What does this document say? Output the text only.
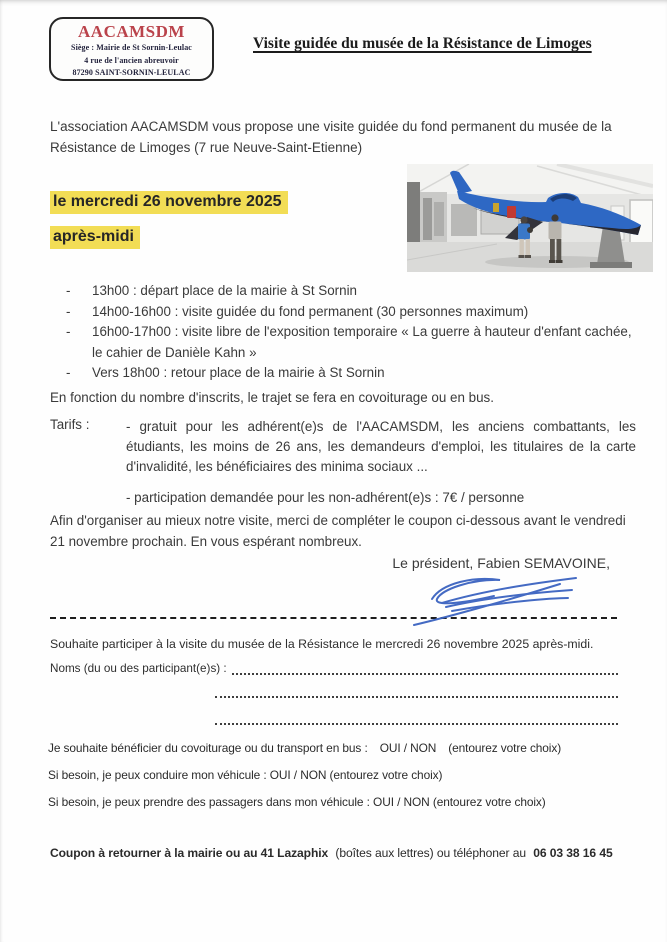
AACAMSDM
Siège : Mairie de St Sornin-Leulac
4 rue de l'ancien abreuvoir
87290 SAINT-SORNIN-LEULAC
Visite guidée du musée de la Résistance de Limoges
L'association AACAMSDM vous propose une visite guidée du fond permanent du musée de la Résistance de Limoges (7 rue Neuve-Saint-Etienne)
le mercredi 26 novembre 2025
après-midi
-	13h00 : départ place de la mairie à St Sornin
-	14h00-16h00 : visite guidée du fond permanent (30 personnes maximum)
-	16h00-17h00 : visite libre de l'exposition temporaire « La guerre à hauteur d'enfant cachée, le cahier de Danièle Kahn »
-	Vers 18h00 : retour place de la mairie à St Sornin
En fonction du nombre d'inscrits, le trajet se fera en covoiturage ou en bus.
Tarifs :	- gratuit pour les adhérent(e)s de l'AACAMSDM, les anciens combattants, les étudiants, les moins de 26 ans, les demandeurs d'emploi, les titulaires de la carte d'invalidité, les bénéficiaires des minima sociaux ...
- participation demandée pour les non-adhérent(e)s : 7€ / personne
Afin d'organiser au mieux notre visite, merci de compléter le coupon ci-dessous avant le vendredi 21 novembre prochain. En vous espérant nombreux.
Le président, Fabien SEMAVOINE,
Souhaite participer à la visite du musée de la Résistance le mercredi 26 novembre 2025 après-midi.
Noms (du ou des participant(e)s) :
Je souhaite bénéficier du covoiturage ou du transport en bus : OUI / NON (entourez votre choix)
Si besoin, je peux conduire mon véhicule : OUI / NON (entourez votre choix)
Si besoin, je peux prendre des passagers dans mon véhicule : OUI / NON (entourez votre choix)
Coupon à retourner à la mairie ou au 41 Lazaphix (boîtes aux lettres) ou téléphoner au 06 03 38 16 45
